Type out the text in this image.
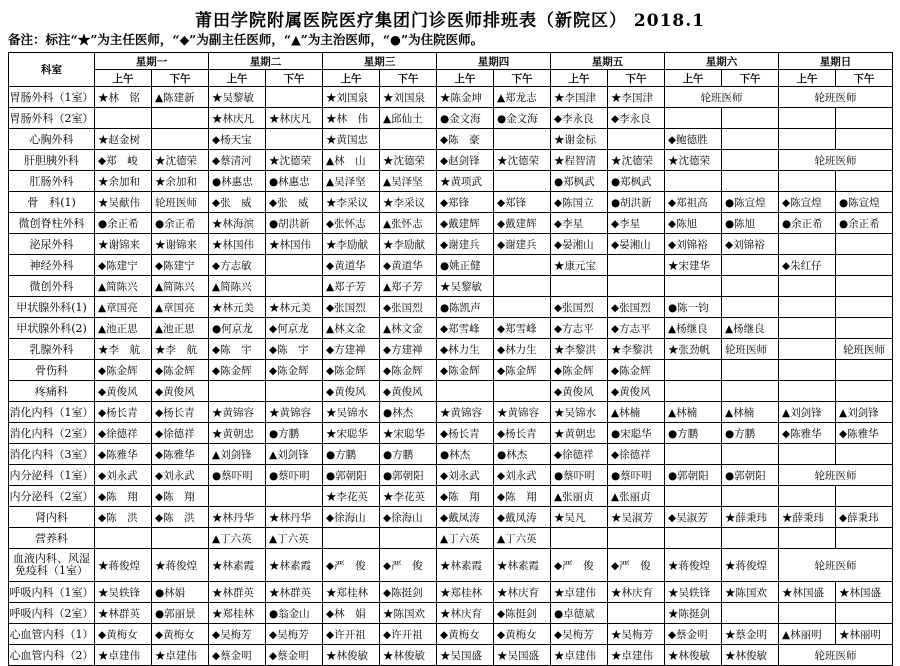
莆田学院附属医院医疗集团门诊医师排班表（新院区） 2018.1
备注：标注“★”为主任医师，“◆”为副主任医师，“▲”为主治医师，“●”为住院医师。
科室	星期一		星期二		星期三		星期四		星期五		星期六		星期日	
	上午	下午	上午	下午	上午	下午	上午	下午	上午	下午	上午	下午	上午	下午
胃肠外科（1室）	★林　铭	▲陈建新	★吴黎敏		★刘国泉	★刘国泉	★陈金坤	▲郑龙志	★李国津	★李国津	轮班医师		轮班医师	
胃肠外科（2室）			★林庆凡	★林庆凡	★林　伟	▲邱仙土	●金文海	●金文海	◆李永良	◆李永良				
心胸外科	★赵金树		◆杨天宝		★黄国忠		◆陈　豪		★谢金标		◆鲍德胜			
肝胆胰外科	◆郑　峻	★沈德荣	◆蔡清河	★沈德荣	▲林　山	★沈德荣	◆赵剑锋	★沈德荣	★程智清	★沈德荣	★沈德荣		轮班医师	
肛肠外科	★余加和	★余加和	●林惠忠	●林惠忠	▲吴泽坚	▲吴泽坚	★黄项武		●郑枫武	●郑枫武				
骨　科(1)	★吴献伟	轮班医师	◆张　威	◆张　威	★李采议	★李采议	◆郑锋	◆郑锋	◆陈国立	●胡洪新	◆郑祖高	●陈宣煌	◆陈宣煌	●陈宣煌
微创脊柱外科	●余正希	●余正希	★林海滨	●胡洪新	◆张怀志	▲张怀志	◆戴建辉	◆戴建辉	◆李星	◆李星	◆陈旭	●陈旭	●余正希	●余正希
泌尿外科	★谢锦来	★谢锦来	★林国伟	★林国伟	★李励献	★李励献	◆谢建兵	◆谢建兵	◆晏湘山	◆晏湘山	◆刘锦裕	◆刘锦裕		
神经外科	◆陈建宁	◆陈建宁	◆方志敏		◆黄道华	◆黄道华	●姚正健		★康元宝		★宋建华		◆朱红仔	
微创外科	▲简陈兴	▲简陈兴	▲简陈兴		▲郑子芳	▲郑子芳	★吴黎敏							
甲状腺外科(1)	▲章国亮	▲章国亮	★林元美	★林元美	◆张国烈	◆张国烈	●陈凯声		◆张国烈	◆张国烈	●陈一钧			
甲状腺外科(2)	▲池正思	▲池正思	●何京龙	◆何京龙	▲林文金	▲林文金	◆郑雪峰	◆郑雪峰	◆方志平	◆方志平	▲杨继良	▲杨继良		
乳腺外科	★李　航	★李　航	◆陈　宇	◆陈　宇	◆方建禅	◆方建禅	◆林力生	◆林力生	★李黎洪	★李黎洪	★张劲帆	轮班医师		轮班医师
骨伤科	◆陈金辉	◆陈金辉	◆陈金辉	◆陈金辉	◆陈金辉	◆陈金辉	◆陈金辉	◆陈金辉	◆陈金辉	◆陈金辉				
疼痛科	◆黄俊风	◆黄俊风			◆黄俊风	◆黄俊风			◆黄俊风	◆黄俊风				
消化内科（1室）	◆杨长青	◆杨长青	★黄锦容	★黄锦容	★吴锦水	●林杰	★黄锦容	★黄锦容	★吴锦水	▲林楠	▲林楠	▲林楠	▲刘剑锋	▲刘剑锋
消化内科（2室）	◆徐德祥	◆徐德祥	★黄朝忠	●方鹏	★宋聪华	★宋聪华	◆杨长青	◆杨长青	★黄朝忠	●宋聪华	●方鹏	●方鹏	◆陈雅华	◆陈雅华
消化内科（3室）	◆陈雅华	◆陈雅华	▲刘剑锋	▲刘剑锋	●方鹏	●方鹏	●林杰	●林杰	◆徐德祥	◆徐德祥				
内分泌科（1室）	◆刘永武	◆刘永武	●蔡吓明	●蔡吓明	●郭朝阳	●郭朝阳	◆刘永武	◆刘永武	●蔡吓明	●蔡吓明	●郭朝阳	●郭朝阳	轮班医师	
内分泌科（2室）	◆陈　翔	◆陈　翔			★李花英	★李花英	◆陈　翔	◆陈　翔	▲张丽贞	▲张丽贞				
肾内科	◆陈　洪	◆陈　洪	★林丹华	★林丹华	◆徐海山	◆徐海山	◆戴凤涛	◆戴凤涛	★吴凡	★吴淑芳	◆吴淑芳	★薛秉玮	★薛秉玮	◆薛秉玮
营养科			▲丁六英	▲丁六英			▲丁六英	▲丁六英						
血液内科、风湿免疫科（1室）	★蒋俊煌	★蒋俊煌	★林素霞	★林素霞	◆严　俊	◆严　俊	★林素霞	★林素霞	◆严　俊	◆严　俊	★蒋俊煌	★蒋俊煌	轮班医师	
呼吸内科（1室）	★吴轶锋	●林娟	★林群英	★林群英	★郑桂林	◆陈挺剑	★郑桂林	★林庆育	★卓建伟	★林庆育	★吴轶锋	★陈国欢	★林国盛	★林国盛
呼吸内科（2室）	★林群英	●郭丽景	★郑桂林	●翁金山	◆林　娟	★陈国欢	★林庆育	◆陈挺剑	●卓德斌		★陈挺剑			
心血管内科（1）	◆黄梅女	◆黄梅女	◆吴梅芳	◆吴梅芳	◆许开祖	◆许开祖	◆黄梅女	◆黄梅女	◆吴梅芳	★吴梅芳	◆蔡金明	★蔡金明	▲林丽明	★林丽明
心血管内科（2）	★卓建伟	★卓建伟	◆蔡金明	◆蔡金明	★林俊敏	★林俊敏	★吴国盛	★吴国盛	★卓建伟	★卓建伟	★林俊敏	★林俊敏	轮班医师	
